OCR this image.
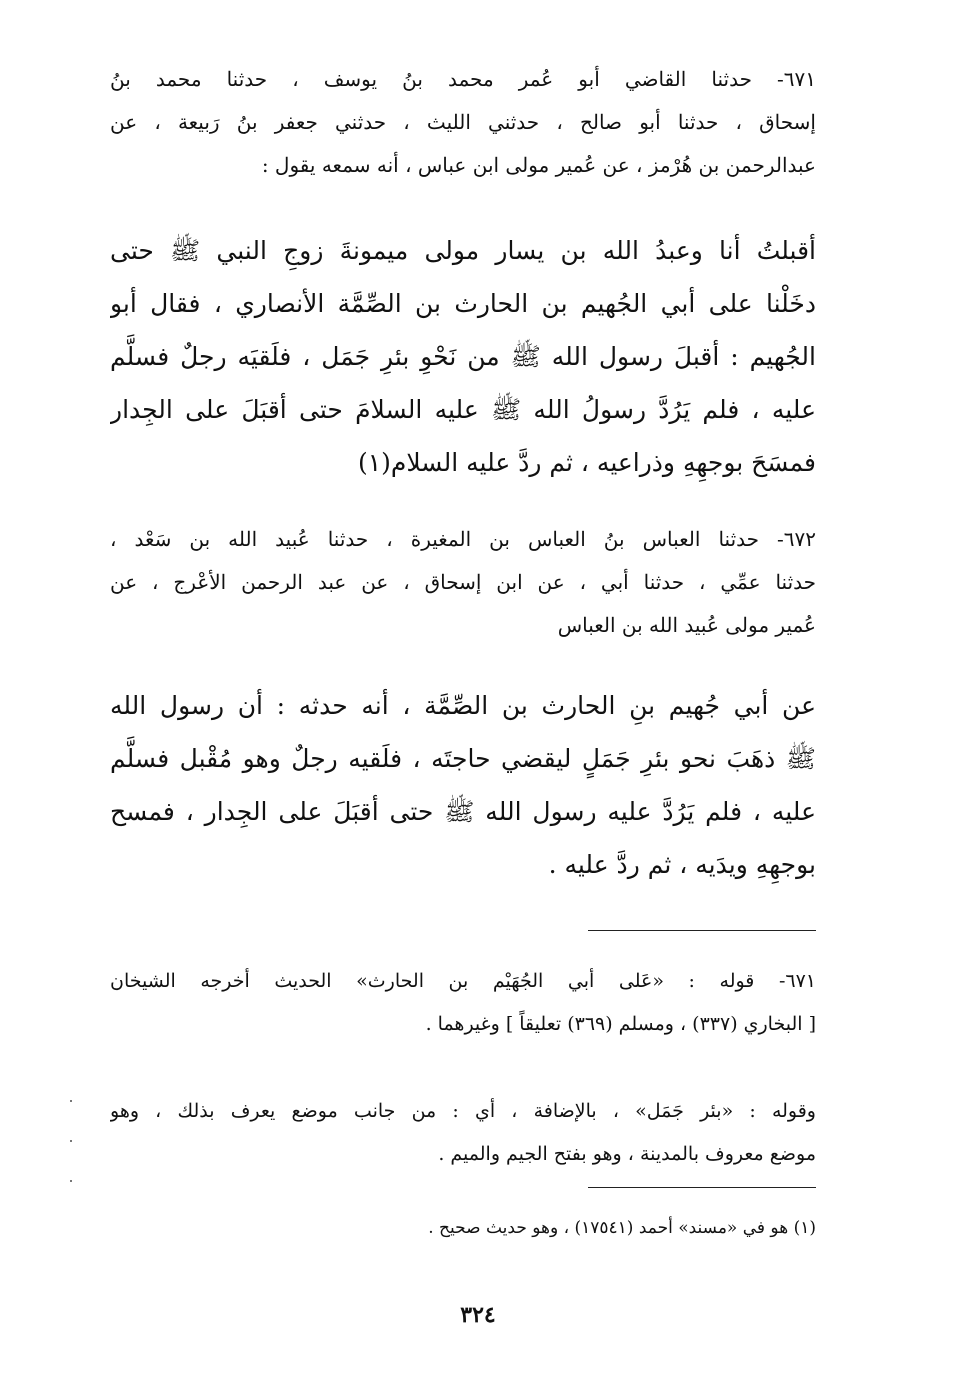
٦٧١- حدثنا القاضي أبو عُمر محمد بنُ يوسف ، حدثنا محمد بنُ
إسحاق ، حدثنا أبو صالح ، حدثني الليث ، حدثني جعفر بنُ رَبيعة ، عن
عبدالرحمن بن هُرْمز ، عن عُمير مولى ابن عباس ، أنه سمعه يقول :
أقبلتُ أنا وعبدُ الله بن يسار مولى ميمونةَ زوجِ النبي ﷺ حتى
دخَلْنا على أبي الجُهيم بن الحارث بن الصِّمَّة الأنصاري ، فقال أبو
الجُهيم : أقبلَ رسول الله ﷺ من نَحْوِ بئرِ جَمَل ، فلَقيَه رجلٌ فسلَّم
عليه ، فلم يَرُدَّ رسولُ الله ﷺ عليه السلامَ حتى أقبَلَ على الجِدار
فمسَحَ بوجهِهِ وذراعيه ، ثم ردَّ عليه السلام(١)
٦٧٢- حدثنا العباس بنُ العباس بن المغيرة ، حدثنا عُبيد الله بن سَعْد ،
حدثنا عمِّي ، حدثنا أبي ، عن ابن إسحاق ، عن عبد الرحمن الأعْرج ، عن
عُمير مولى عُبيد الله بن العباس
عن أبي جُهيم بنِ الحارث بن الصِّمَّة ، أنه حدثه : أن رسول الله
ﷺ ذهَبَ نحو بئرِ جَمَلٍ ليقضي حاجتَه ، فلَقيه رجلٌ وهو مُقْبل فسلَّم
عليه ، فلم يَرُدَّ عليه رسول الله ﷺ حتى أقبَلَ على الجِدار ، فمسح
بوجهِهِ ويدَيه ، ثم ردَّ عليه .
٦٧١- قوله : «عَلى أبي الجُهَيْم بن الحارث» الحديث أخرجه الشيخان
[ البخاري (٣٣٧) ، ومسلم (٣٦٩) تعليقاً ] وغيرهما .
وقوله : «بئر جَمَل» ، بالإضافة ، أي : من جانب موضع يعرف بذلك ، وهو
موضع معروف بالمدينة ، وهو بفتح الجيم والميم .
(١) هو في «مسند» أحمد (١٧٥٤١) ، وهو حديث صحيح .
٣٢٤
